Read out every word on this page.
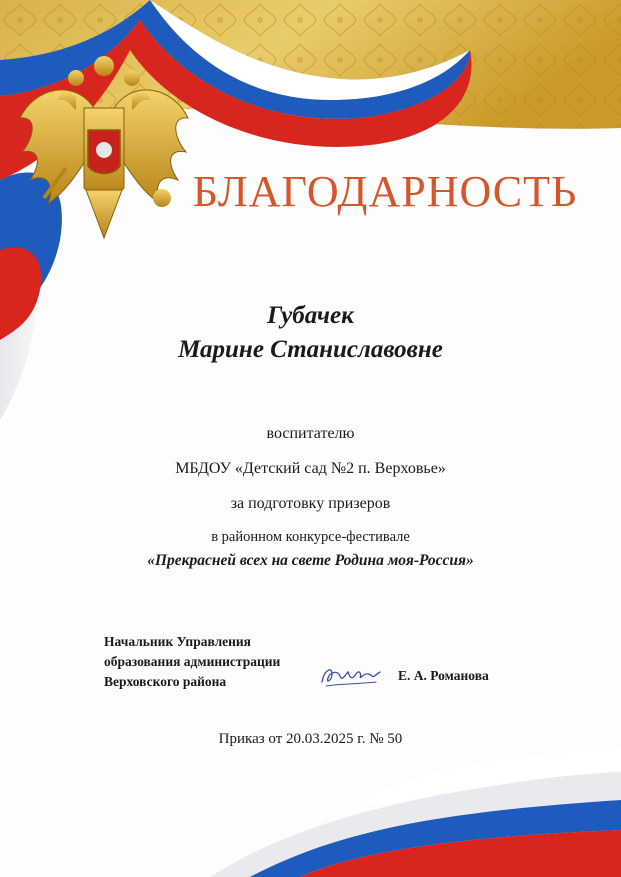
БЛАГОДАРНОСТЬ
Губачек
Марине Станиславовне
воспитателю
МБДОУ «Детский сад №2 п. Верховье»
за подготовку призеров
в районном конкурсе-фестивале
«Прекрасней всех на свете Родина моя-Россия»
Начальник Управления
образования администрации
Верховского района	Е. А. Романова
Приказ от 20.03.2025 г. № 50
